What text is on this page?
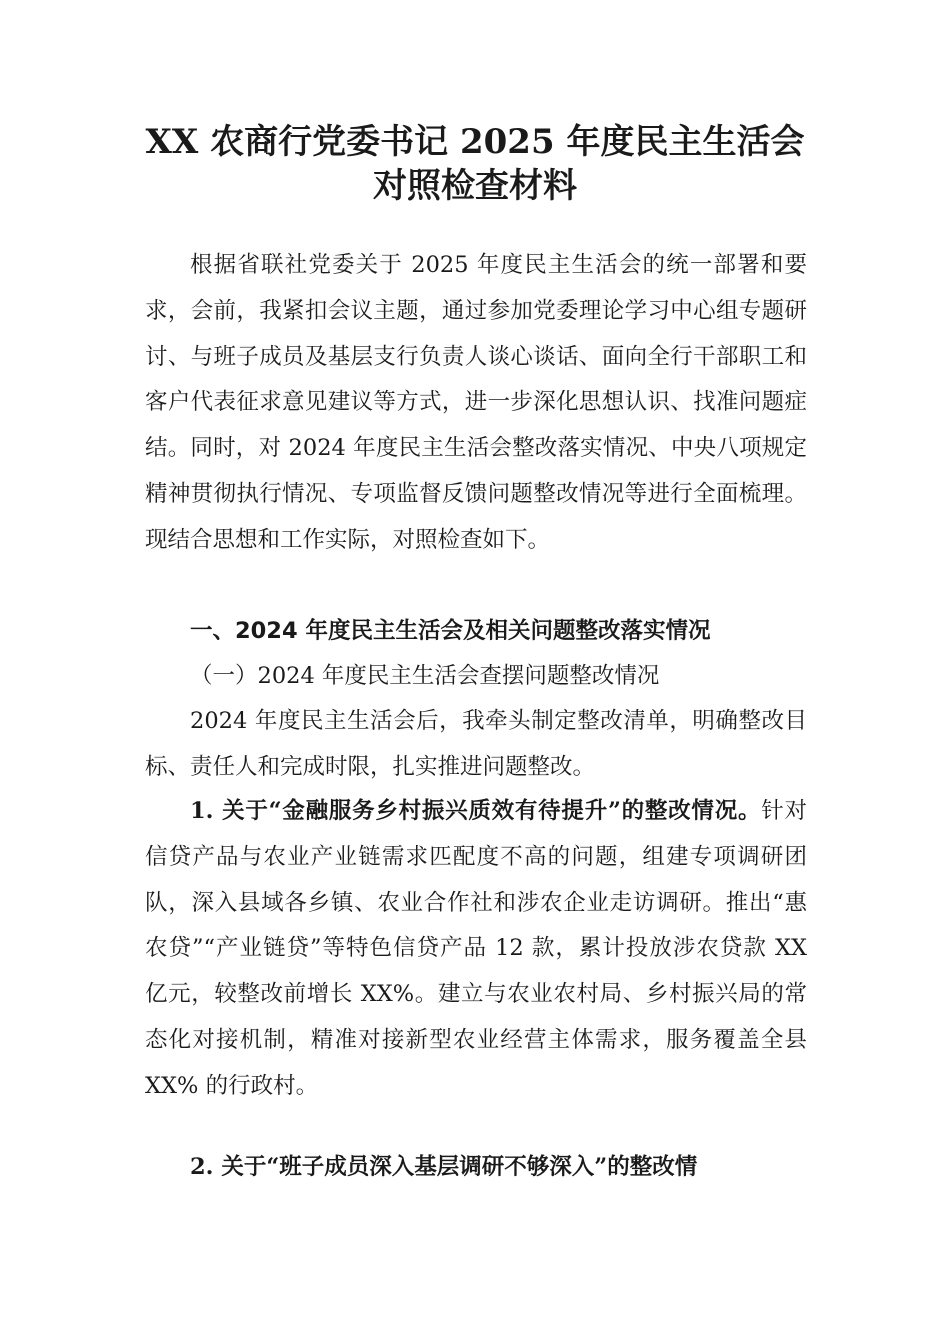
XX 农商行党委书记 2025 年度民主生活会
对照检查材料

根据省联社党委关于 2025 年度民主生活会的统一部署和要求，会前，我紧扣会议主题，通过参加党委理论学习中心组专题研讨、与班子成员及基层支行负责人谈心谈话、面向全行干部职工和客户代表征求意见建议等方式，进一步深化思想认识、找准问题症结。同时，对 2024 年度民主生活会整改落实情况、中央八项规定精神贯彻执行情况、专项监督反馈问题整改情况等进行全面梳理。现结合思想和工作实际，对照检查如下。

一、2024 年度民主生活会及相关问题整改落实情况

（一）2024 年度民主生活会查摆问题整改情况

2024 年度民主生活会后，我牵头制定整改清单，明确整改目标、责任人和完成时限，扎实推进问题整改。

1. 关于“金融服务乡村振兴质效有待提升”的整改情况。针对信贷产品与农业产业链需求匹配度不高的问题，组建专项调研团队，深入县域各乡镇、农业合作社和涉农企业走访调研。推出“惠农贷”“产业链贷”等特色信贷产品 12 款，累计投放涉农贷款 XX 亿元，较整改前增长 XX%。建立与农业农村局、乡村振兴局的常态化对接机制，精准对接新型农业经营主体需求，服务覆盖全县 XX% 的行政村。

2. 关于“班子成员深入基层调研不够深入”的整改情
